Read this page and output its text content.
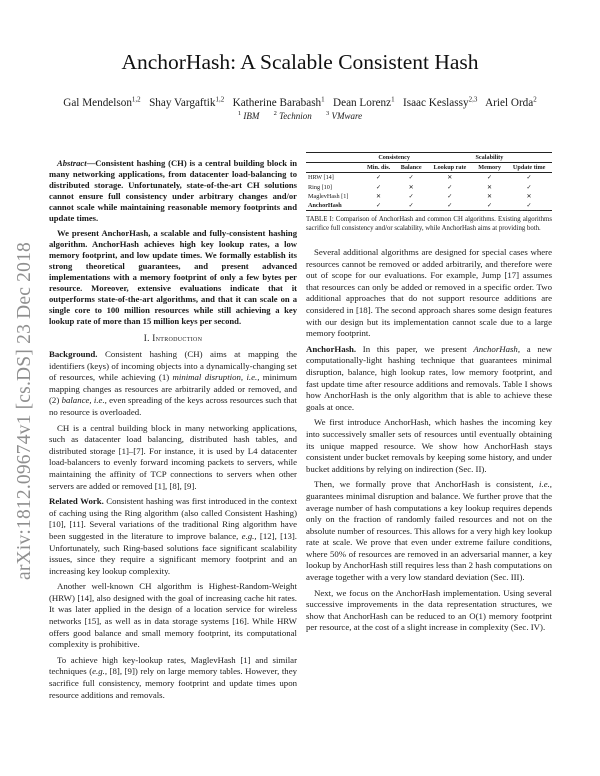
arXiv:1812.09674v1 [cs.DS] 23 Dec 2018
AnchorHash: A Scalable Consistent Hash
Gal Mendelson$^{1,2}$ Shay Vargaftik$^{1,2}$ Katherine Barabash$^1$ Dean Lorenz$^1$ Isaac Keslassy$^{2,3}$ Ariel Orda$^2$
$^1$ IBM $^2$ Technion $^3$ VMware

Abstract—Consistent hashing (CH) is a central building block in many networking applications, from datacenter load-balancing to distributed storage. Unfortunately, state-of-the-art CH solutions cannot ensure full consistency under arbitrary changes and/or cannot scale while maintaining reasonable memory footprints and update times.

We present AnchorHash, a scalable and fully-consistent hashing algorithm. AnchorHash achieves high key lookup rates, a low memory footprint, and low update times. We formally establish its strong theoretical guarantees, and present advanced implementations with a memory footprint of only a few bytes per resource. Moreover, extensive evaluations indicate that it outperforms state-of-the-art algorithms, and that it can scale on a single core to 100 million resources while still achieving a key lookup rate of more than 15 million keys per second.

I. Introduction

Background. Consistent hashing (CH) aims at mapping the identifiers (keys) of incoming objects into a dynamically-changing set of resources, while achieving (1) minimal disruption, i.e., minimum mapping changes as resources are arbitrarily added or removed, and (2) balance, i.e., even spreading of the keys across resources such that no resource is overloaded.

CH is a central building block in many networking applications, such as datacenter load balancing, distributed hash tables, and distributed storage [1]–[7]. For instance, it is used by L4 datacenter load-balancers to evenly forward incoming packets to servers, while maintaining the affinity of TCP connections to servers when other servers are added or removed [1], [8], [9].

Related Work. Consistent hashing was first introduced in the context of caching using the Ring algorithm (also called Consistent Hashing) [10], [11]. Several variations of the traditional Ring algorithm have been suggested in the literature to improve balance, e.g., [12], [13]. Unfortunately, such Ring-based solutions face significant scalability issues, since they require a significant memory footprint and an increasing key lookup complexity.

Another well-known CH algorithm is Highest-Random-Weight (HRW) [14], also designed with the goal of increasing cache hit rates. It was later applied in the design of a location service for wireless networks [15], as well as in data storage systems [16]. While HRW offers good balance and small memory footprint, its computational complexity is prohibitive.

To achieve high key-lookup rates, MaglevHash [1] and similar techniques (e.g., [8], [9]) rely on large memory tables. However, they sacrifice full consistency, memory footprint and update times upon resource additions and removals.

	Consistency		Scalability		
	Min. dis.	Balance	Lookup rate	Memory	Update time
HRW [14]	✓	✓	✕	✓	✓
Ring [10]	✓	✕	✓	✕	✓
MaglevHash [1]	✕	✓	✓	✕	✕
AnchorHash	✓	✓	✓	✓	✓
TABLE I: Comparison of AnchorHash and common CH algorithms. Existing algorithms sacrifice full consistency and/or scalability, while AnchorHash aims at providing both.

Several additional algorithms are designed for special cases where resources cannot be removed or added arbitrarily, and therefore were out of scope for our evaluations. For example, Jump [17] assumes that resources can only be added or removed in a specific order. Two additional approaches that do not support resource additions are considered in [18]. The second approach shares some design features with our design but its implementation cannot scale due to a large memory footprint.

AnchorHash. In this paper, we present AnchorHash, a new computationally-light hashing technique that guarantees minimal disruption, balance, high lookup rates, low memory footprint, and fast update time after resource additions and removals. Table I shows how AnchorHash is the only algorithm that is able to achieve these goals at once.

We first introduce AnchorHash, which hashes the incoming key into successively smaller sets of resources until eventually obtaining its unique mapped resource. We show how AnchorHash stays consistent under bucket removals by keeping some history, and under bucket additions by relying on indirection (Sec. II).

Then, we formally prove that AnchorHash is consistent, i.e., guarantees minimal disruption and balance. We further prove that the average number of hash computations a key lookup requires depends only on the fraction of randomly failed resources and not on the absolute number of resources. This allows for a very high key lookup rate at scale. We prove that even under extreme failure conditions, where 50% of resources are removed in an adversarial manner, a key lookup by AnchorHash still requires less than 2 hash computations on average together with a very low standard deviation (Sec. III).

Next, we focus on the AnchorHash implementation. Using several successive improvements in the data representation structures, we show that AnchorHash can be reduced to an O(1) memory footprint per resource, at the cost of a slight increase in complexity (Sec. IV).
